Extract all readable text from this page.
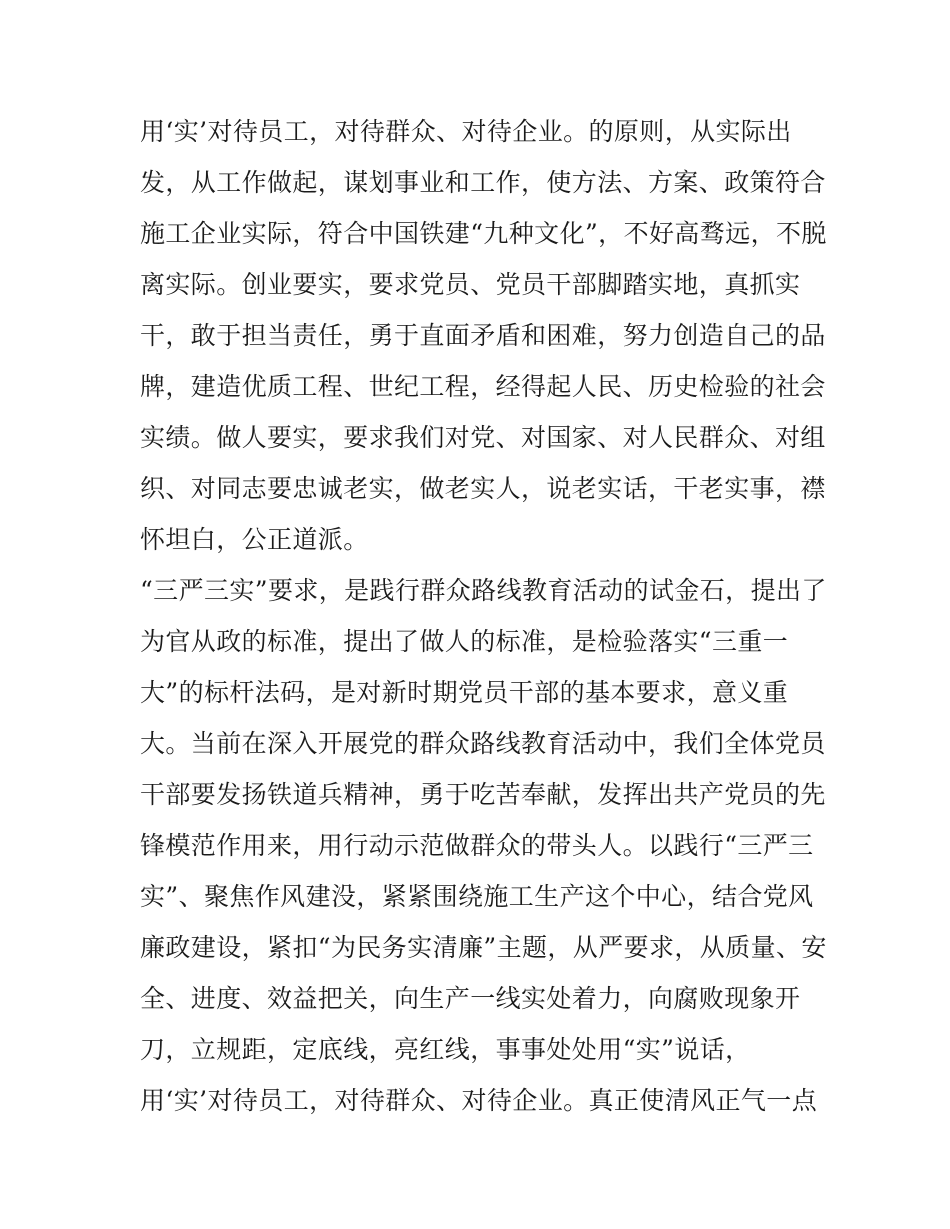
用‘实’对待员工，对待群众、对待企业。的原则，从实际出
发，从工作做起，谋划事业和工作，使方法、方案、政策符合
施工企业实际，符合中国铁建“九种文化”，不好高骛远，不脱
离实际。创业要实，要求党员、党员干部脚踏实地，真抓实
干，敢于担当责任，勇于直面矛盾和困难，努力创造自己的品
牌，建造优质工程、世纪工程，经得起人民、历史检验的社会
实绩。做人要实，要求我们对党、对国家、对人民群众、对组
织、对同志要忠诚老实，做老实人，说老实话，干老实事，襟
怀坦白，公正道派。
“三严三实”要求，是践行群众路线教育活动的试金石，提出了
为官从政的标准，提出了做人的标准，是检验落实“三重一
大”的标杆法码，是对新时期党员干部的基本要求，意义重
大。当前在深入开展党的群众路线教育活动中，我们全体党员
干部要发扬铁道兵精神，勇于吃苦奉献，发挥出共产党员的先
锋模范作用来，用行动示范做群众的带头人。以践行“三严三
实”、聚焦作风建没，紧紧围绕施工生产这个中心，结合党风
廉政建设，紧扣“为民务实清廉”主题，从严要求，从质量、安
全、进度、效益把关，向生产一线实处着力，向腐败现象开
刀，立规距，定底线，亮红线，事事处处用“实”说话，
用‘实’对待员工，对待群众、对待企业。真正使清风正气一点
